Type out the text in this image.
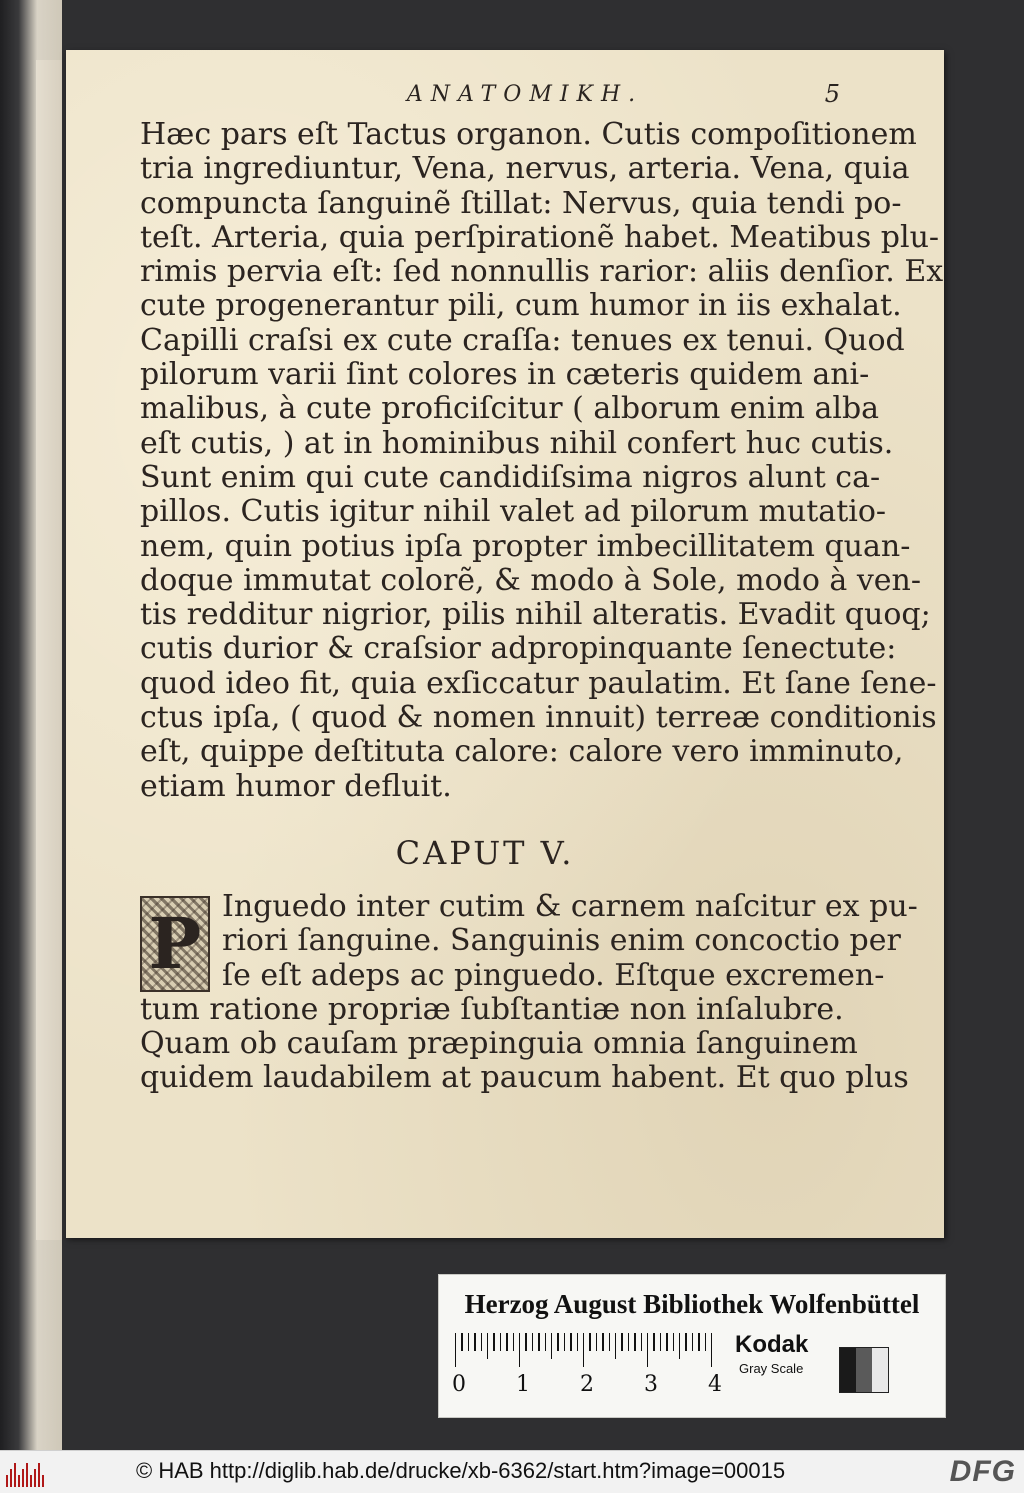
ANATOMIKH.	5
Hæc pars eſt Tactus organon. Cutis compoſitionem
tria ingrediuntur, Vena, nervus, arteria. Vena, quia
compuncta ſanguinẽ ſtillat: Nervus, quia tendi po-
teſt. Arteria, quia perſpirationẽ habet. Meatibus plu-
rimis pervia eſt: ſed nonnullis rarior: aliis denſior. Ex
cute progenerantur pili, cum humor in iis exhalat.
Capilli craſsi ex cute craſſa: tenues ex tenui. Quod
pilorum varii ſint colores in cæteris quidem ani-
malibus, à cute proficiſcitur ( alborum enim alba
eſt cutis, ) at in hominibus nihil confert huc cutis.
Sunt enim qui cute candidiſsima nigros alunt ca-
pillos. Cutis igitur nihil valet ad pilorum mutatio-
nem, quin potius ipſa propter imbecillitatem quan-
doque immutat colorẽ, & modo à Sole, modo à ven-
tis redditur nigrior, pilis nihil alteratis. Evadit quoq;
cutis durior & craſsior adpropinquante ſenectute:
quod ideo fit, quia exſiccatur paulatim. Et ſane ſene-
ctus ipſa, ( quod & nomen innuit) terreæ conditionis
eſt, quippe deſtituta calore: calore vero imminuto,
etiam humor defluit.
CAPUT V.
P Inguedo inter cutim & carnem naſcitur ex pu-
riori ſanguine. Sanguinis enim concoctio per
ſe eſt adeps ac pinguedo. Eſtque excremen-
tum ratione propriæ ſubſtantiæ non inſalubre.
Quam ob cauſam præpinguia omnia ſanguinem
quidem laudabilem at paucum habent. Et quo plus
Herzog August Bibliothek Wolfenbüttel
Kodak
Gray Scale
0 1 2 3 4
© HAB http://diglib.hab.de/drucke/xb-6362/start.htm?image=00015	DFG
